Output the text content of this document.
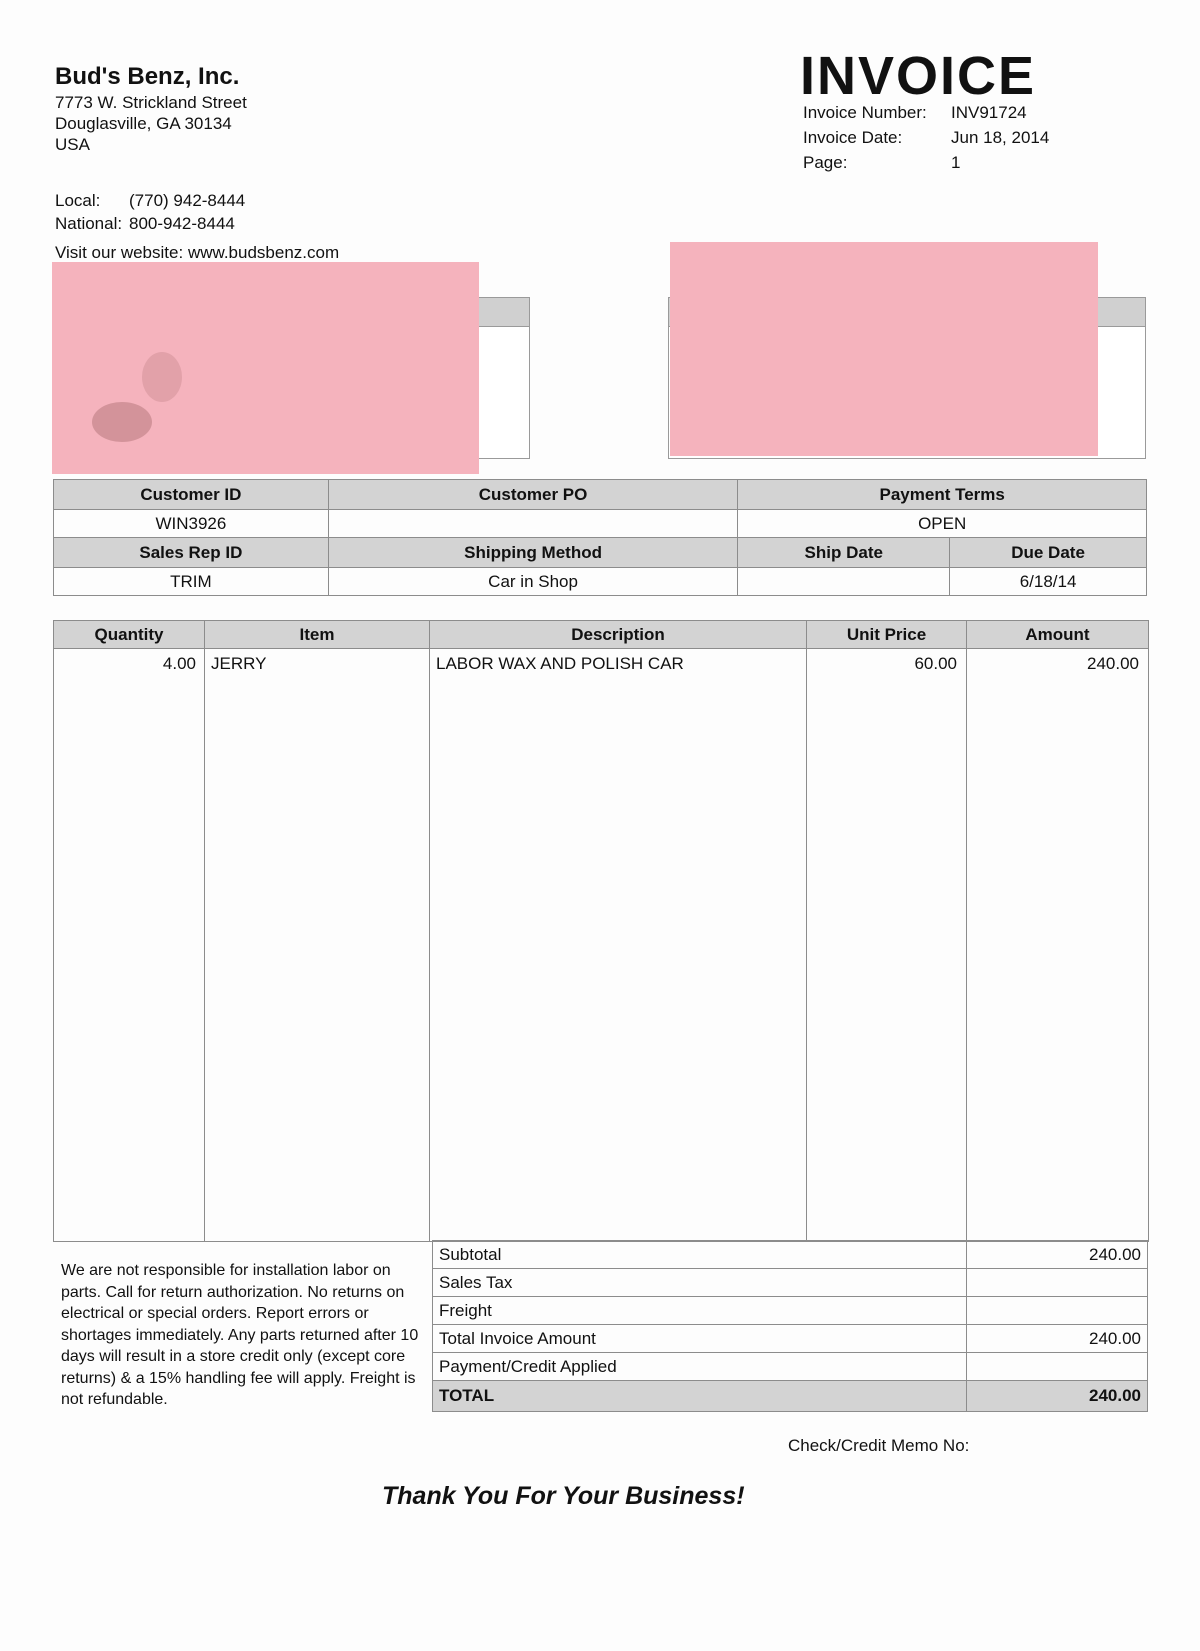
Bud's Benz, Inc.
7773 W. Strickland Street
Douglasville, GA 30134
USA
Local: (770) 942-8444
National: 800-942-8444
Visit our website: www.budsbenz.com
INVOICE
Invoice Number: INV91724
Invoice Date:	Jun 18, 2014
Page:	1
Customer ID	Customer PO	Payment Terms	
WIN3926		OPEN	
Sales Rep ID	Shipping Method	Ship Date	Due Date
TRIM	Car in Shop		6/18/14
Quantity	Item	Description	Unit Price	Amount
4.00 JERRY	LABOR WAX AND POLISH CAR	60.00	240.00
We are not responsible for installation labor on parts. Call for return authorization. No returns on electrical or special orders. Report errors or shortages immediately. Any parts returned after 10 days will result in a store credit only (except core returns) & a 15% handling fee will apply. Freight is not refundable.
Subtotal	240.00
Sales Tax	
Freight	
Total Invoice Amount	240.00
Payment/Credit Applied	
TOTAL	240.00
Check/Credit Memo No:
Thank You For Your Business!
